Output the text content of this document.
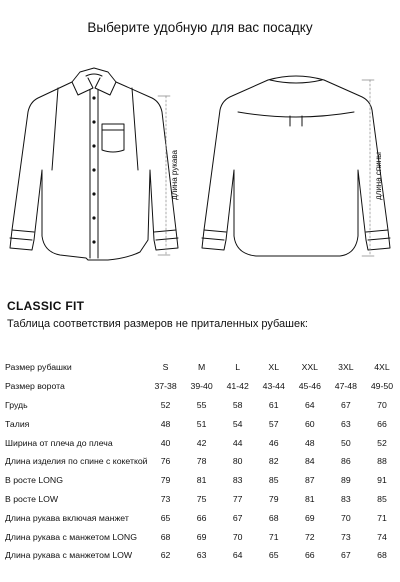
Выберите удобную для вас посадку
длина рукава	длина спины
CLASSIC FIT
Таблица соответствия размеров не приталенных рубашек:
Размер рубашки	S	M	L	XL	XXL	3XL	4XL
Размер ворота	37-38	39-40	41-42	43-44	45-46	47-48	49-50
Грудь	52	55	58	61	64	67	70
Талия	48	51	54	57	60	63	66
Ширина от плеча до плеча	40	42	44	46	48	50	52
Длина изделия по спине с кокеткой	76	78	80	82	84	86	88
В росте LONG	79	81	83	85	87	89	91
В росте LOW	73	75	77	79	81	83	85
Длина рукава включая манжет	65	66	67	68	69	70	71
Длина рукава с манжетом LONG	68	69	70	71	72	73	74
Длина рукава с манжетом LOW	62	63	64	65	66	67	68
